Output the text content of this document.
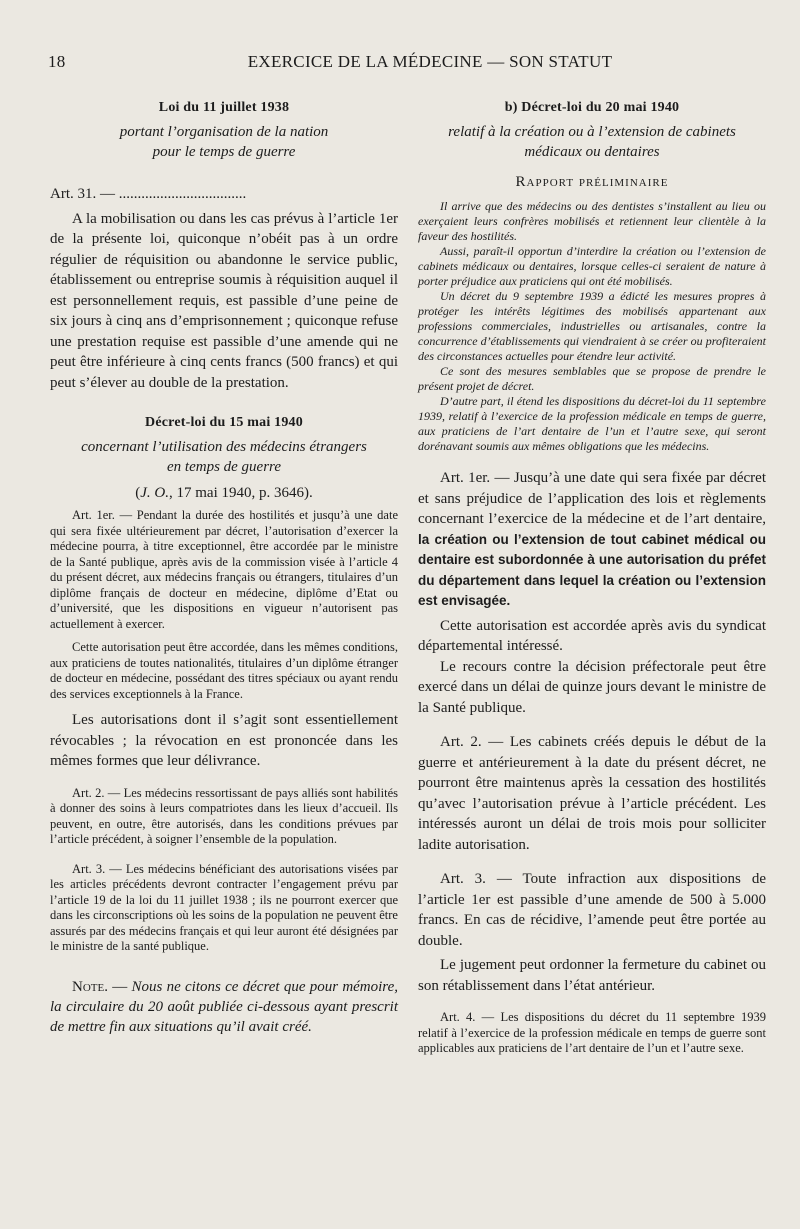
18	EXERCICE DE LA MÉDECINE — SON STATUT
Loi du 11 juillet 1938

portant l’organisation de la nation

pour le temps de guerre

Art. 31. — ..................................

A la mobilisation ou dans les cas prévus à l’article 1er de la présente loi, quiconque n’obéit pas à un ordre régulier de réquisition ou abandonne le service public, établissement ou entreprise soumis à réquisition auquel il est personnellement requis, est passible d’une peine de six jours à cinq ans d’emprisonnement ; quiconque refuse une prestation requise est passible d’une amende qui ne peut être inférieure à cinq cents francs (500 francs) et qui peut s’élever au double de la prestation.

Décret-loi du 15 mai 1940

concernant l’utilisation des médecins étrangers

en temps de guerre

(J. O., 17 mai 1940, p. 3646).

Art. 1er. — Pendant la durée des hostilités et jusqu’à une date qui sera fixée ultérieurement par décret, l’autorisation d’exercer la médecine pourra, à titre exceptionnel, être accordée par le ministre de la Santé publique, après avis de la commission visée à l’article 4 du présent décret, aux médecins français ou étrangers, titulaires d’un diplôme français de docteur en médecine, diplôme d’Etat ou d’université, que les dispositions en vigueur n’autorisent pas actuellement à exercer.

Cette autorisation peut être accordée, dans les mêmes conditions, aux praticiens de toutes nationalités, titulaires d’un diplôme étranger de docteur en médecine, possédant des titres spéciaux ou ayant rendu des services exceptionnels à la France.

Les autorisations dont il s’agit sont essentiellement révocables ; la révocation en est prononcée dans les mêmes formes que leur délivrance.

Art. 2. — Les médecins ressortissant de pays alliés sont habilités à donner des soins à leurs compatriotes dans les lieux d’accueil. Ils peuvent, en outre, être autorisés, dans les conditions prévues par l’article précédent, à soigner l’ensemble de la population.

Art. 3. — Les médecins bénéficiant des autorisations visées par les articles précédents devront contracter l’engagement prévu par l’article 19 de la loi du 11 juillet 1938 ; ils ne pourront exercer que dans les circonscriptions où les soins de la population ne peuvent être assurés par des médecins français et qui leur auront été désignées par le ministre de la santé publique.

Note. — Nous ne citons ce décret que pour mémoire, la circulaire du 20 août publiée ci-dessous ayant prescrit de mettre fin aux situations qu’il avait créé.

b) Décret-loi du 20 mai 1940

relatif à la création ou à l’extension de cabinets

médicaux ou dentaires

Rapport préliminaire

Il arrive que des médecins ou des dentistes s’installent au lieu ou exerçaient leurs confrères mobilisés et retiennent leur clientèle à la faveur des hostilités.

Aussi, paraît-il opportun d’interdire la création ou l’extension de cabinets médicaux ou dentaires, lorsque celles-ci seraient de nature à porter préjudice aux praticiens qui ont été mobilisés.

Un décret du 9 septembre 1939 a édicté les mesures propres à protéger les intérêts légitimes des mobilisés appartenant aux professions commerciales, industrielles ou artisanales, contre la concurrence d’établissements qui viendraient à se créer ou profiteraient des circonstances actuelles pour étendre leur activité.

Ce sont des mesures semblables que se propose de prendre le présent projet de décret.

D’autre part, il étend les dispositions du décret-loi du 11 septembre 1939, relatif à l’exercice de la profession médicale en temps de guerre, aux praticiens de l’art dentaire de l’un et l’autre sexe, qui seront dorénavant soumis aux mêmes obligations que les médecins.

Art. 1er. — Jusqu’à une date qui sera fixée par décret et sans préjudice de l’application des lois et règlements concernant l’exercice de la médecine et de l’art dentaire, la création ou l’extension de tout cabinet médical ou dentaire est subordonnée à une autorisation du préfet du département dans lequel la création ou l’extension est envisagée.

Cette autorisation est accordée après avis du syndicat départemental intéressé.

Le recours contre la décision préfectorale peut être exercé dans un délai de quinze jours devant le ministre de la Santé publique.

Art. 2. — Les cabinets créés depuis le début de la guerre et antérieurement à la date du présent décret, ne pourront être maintenus après la cessation des hostilités qu’avec l’autorisation prévue à l’article précédent. Les intéressés auront un délai de trois mois pour solliciter ladite autorisation.

Art. 3. — Toute infraction aux dispositions de l’article 1er est passible d’une amende de 500 à 5.000 francs. En cas de récidive, l’amende peut être portée au double.

Le jugement peut ordonner la fermeture du cabinet ou son rétablissement dans l’état antérieur.

Art. 4. — Les dispositions du décret du 11 septembre 1939 relatif à l’exercice de la profession médicale en temps de guerre sont applicables aux praticiens de l’art dentaire de l’un et l’autre sexe.
